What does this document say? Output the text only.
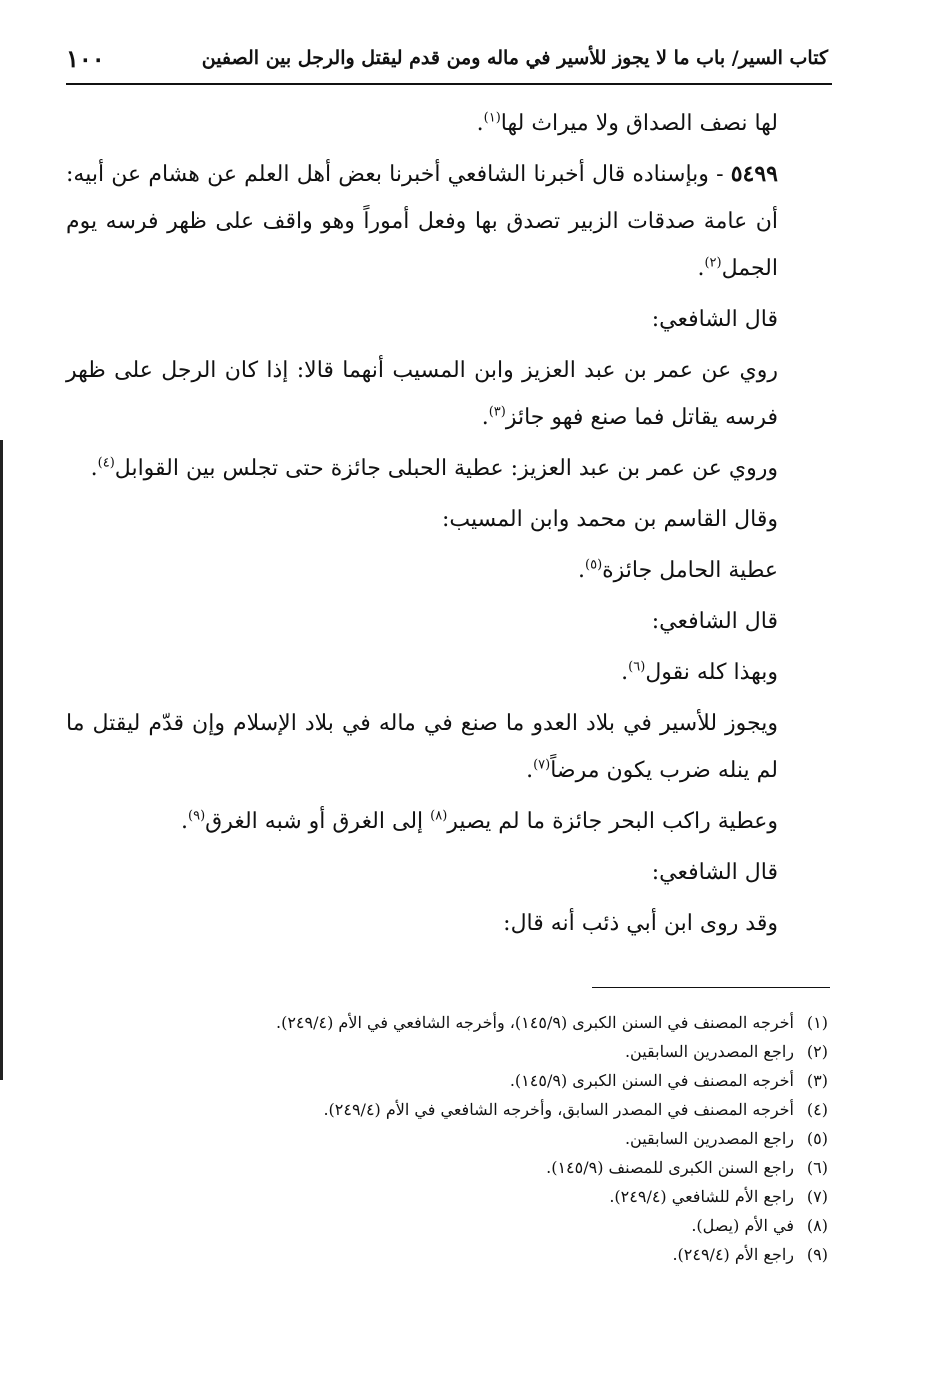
كتاب السير/ باب ما لا يجوز للأسير في ماله ومن قدم ليقتل والرجل بين الصفين
١٠٠

لها نصف الصداق ولا ميراث لها$^{(١)}$.

٥٤٩٩ - وبإسناده قال أخبرنا الشافعي أخبرنا بعض أهل العلم عن هشام عن أبيه: أن عامة صدقات الزبير تصدق بها وفعل أموراً وهو واقف على ظهر فرسه يوم الجمل$^{(٢)}$.

قال الشافعي:

روي عن عمر بن عبد العزيز وابن المسيب أنهما قالا: إذا كان الرجل على ظهر فرسه يقاتل فما صنع فهو جائز$^{(٣)}$.

وروي عن عمر بن عبد العزيز: عطية الحبلى جائزة حتى تجلس بين القوابل$^{(٤)}$.

وقال القاسم بن محمد وابن المسيب:

عطية الحامل جائزة$^{(٥)}$.

قال الشافعي:

وبهذا كله نقول$^{(٦)}$.

ويجوز للأسير في بلاد العدو ما صنع في ماله في بلاد الإسلام وإن قدّم ليقتل ما لم ينله ضرب يكون مرضاً$^{(٧)}$.

وعطية راكب البحر جائزة ما لم يصير$^{(٨)}$ إلى الغرق أو شبه الغرق$^{(٩)}$.

قال الشافعي:

وقد روى ابن أبي ذئب أنه قال:

(١)
أخرجه المصنف في السنن الكبرى (١٤٥/٩)، وأخرجه الشافعي في الأم (٢٤٩/٤).
(٢)
راجع المصدرين السابقين.
(٣)
أخرجه المصنف في السنن الكبرى (١٤٥/٩).
(٤)
أخرجه المصنف في المصدر السابق، وأخرجه الشافعي في الأم (٢٤٩/٤).
(٥)
راجع المصدرين السابقين.
(٦)
راجع السنن الكبرى للمصنف (١٤٥/٩).
(٧)
راجع الأم للشافعي (٢٤٩/٤).
(٨)
في الأم (يصل).
(٩)
راجع الأم (٢٤٩/٤).
